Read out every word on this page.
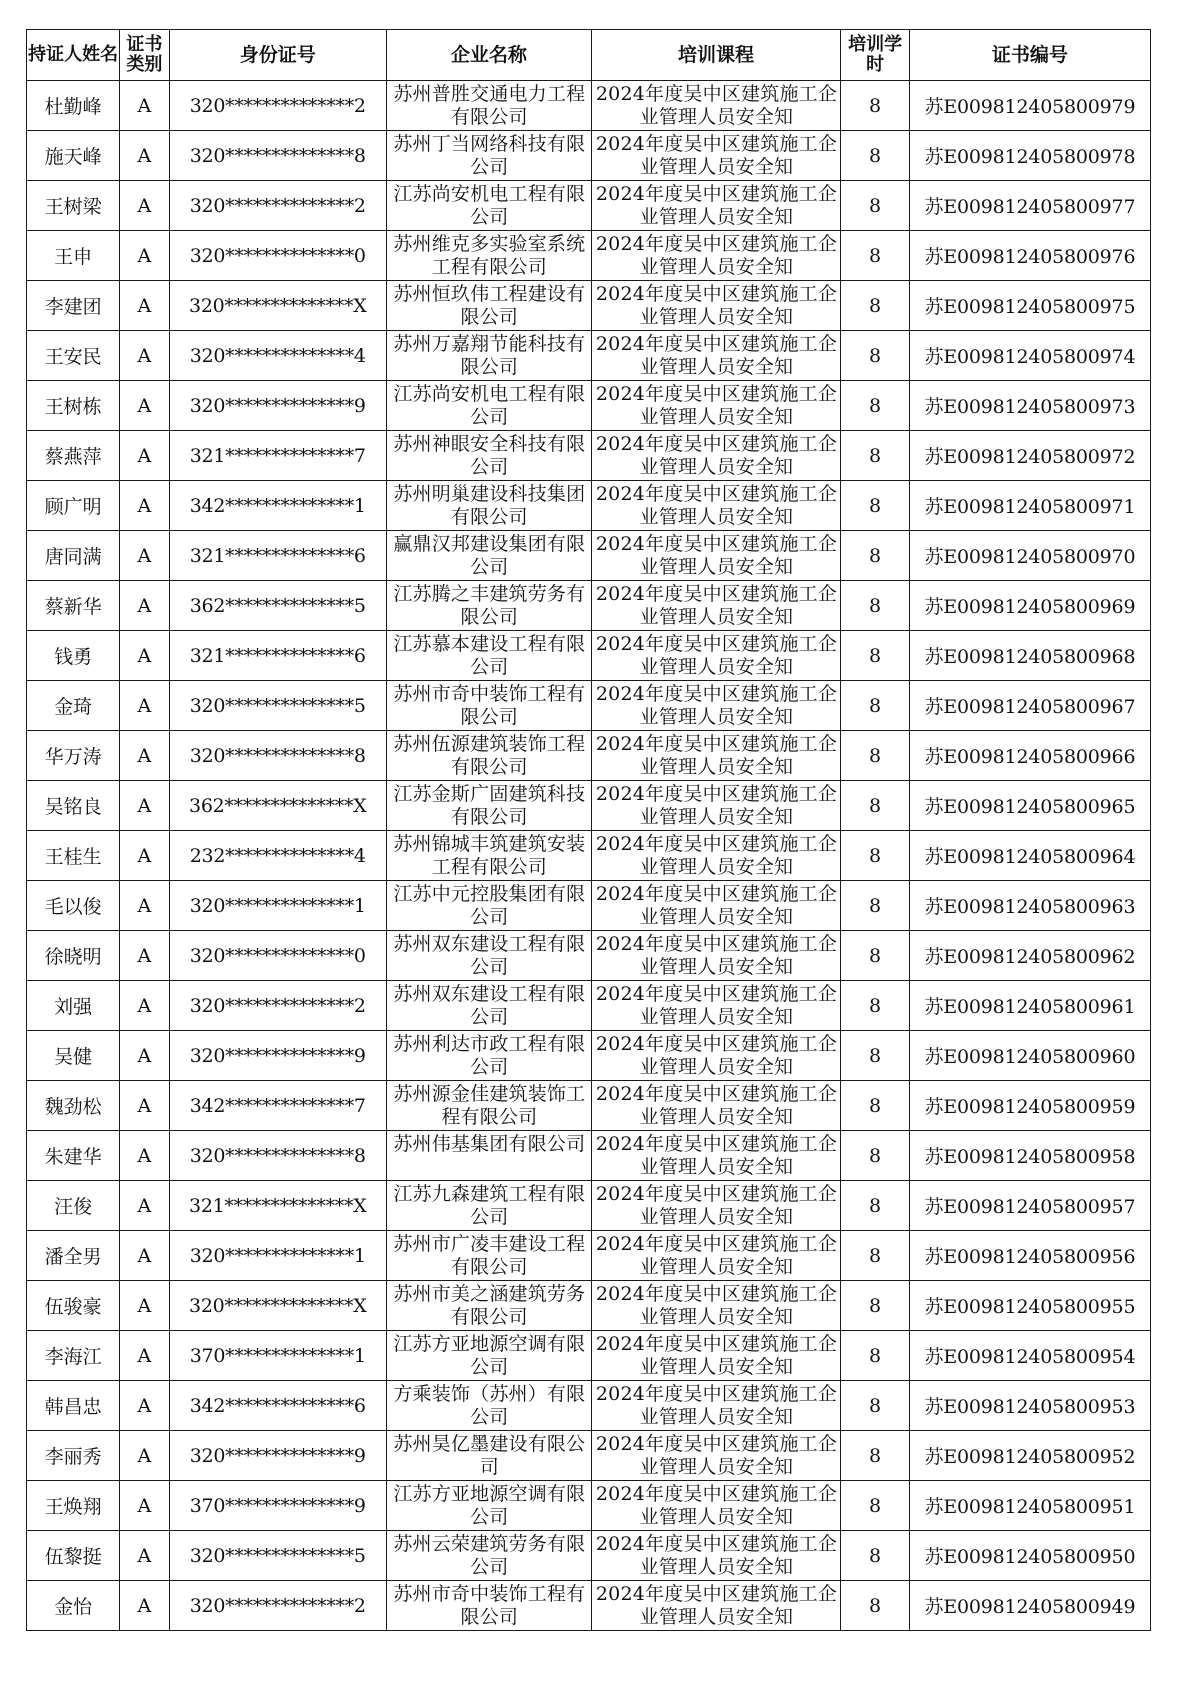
持证人姓名	证书类别	身份证号	企业名称	培训课程	培训学时	证书编号
杜勤峰	A	320**************2	苏州普胜交通电力工程有限公司	2024年度吴中区建筑施工企业管理人员安全知	8	苏E009812405800979
施天峰	A	320**************8	苏州丁当网络科技有限公司	2024年度吴中区建筑施工企业管理人员安全知	8	苏E009812405800978
王树梁	A	320**************2	江苏尚安机电工程有限公司	2024年度吴中区建筑施工企业管理人员安全知	8	苏E009812405800977
王申	A	320**************0	苏州维克多实验室系统工程有限公司	2024年度吴中区建筑施工企业管理人员安全知	8	苏E009812405800976
李建团	A	320**************X	苏州恒玖伟工程建设有限公司	2024年度吴中区建筑施工企业管理人员安全知	8	苏E009812405800975
王安民	A	320**************4	苏州万嘉翔节能科技有限公司	2024年度吴中区建筑施工企业管理人员安全知	8	苏E009812405800974
王树栋	A	320**************9	江苏尚安机电工程有限公司	2024年度吴中区建筑施工企业管理人员安全知	8	苏E009812405800973
蔡燕萍	A	321**************7	苏州神眼安全科技有限公司	2024年度吴中区建筑施工企业管理人员安全知	8	苏E009812405800972
顾广明	A	342**************1	苏州明巢建设科技集团有限公司	2024年度吴中区建筑施工企业管理人员安全知	8	苏E009812405800971
唐同满	A	321**************6	赢鼎汉邦建设集团有限公司	2024年度吴中区建筑施工企业管理人员安全知	8	苏E009812405800970
蔡新华	A	362**************5	江苏腾之丰建筑劳务有限公司	2024年度吴中区建筑施工企业管理人员安全知	8	苏E009812405800969
钱勇	A	321**************6	江苏慕本建设工程有限公司	2024年度吴中区建筑施工企业管理人员安全知	8	苏E009812405800968
金琦	A	320**************5	苏州市奇中装饰工程有限公司	2024年度吴中区建筑施工企业管理人员安全知	8	苏E009812405800967
华万涛	A	320**************8	苏州伍源建筑装饰工程有限公司	2024年度吴中区建筑施工企业管理人员安全知	8	苏E009812405800966
吴铭良	A	362**************X	江苏金斯广固建筑科技有限公司	2024年度吴中区建筑施工企业管理人员安全知	8	苏E009812405800965
王桂生	A	232**************4	苏州锦城丰筑建筑安装工程有限公司	2024年度吴中区建筑施工企业管理人员安全知	8	苏E009812405800964
毛以俊	A	320**************1	江苏中元控股集团有限公司	2024年度吴中区建筑施工企业管理人员安全知	8	苏E009812405800963
徐晓明	A	320**************0	苏州双东建设工程有限公司	2024年度吴中区建筑施工企业管理人员安全知	8	苏E009812405800962
刘强	A	320**************2	苏州双东建设工程有限公司	2024年度吴中区建筑施工企业管理人员安全知	8	苏E009812405800961
吴健	A	320**************9	苏州利达市政工程有限公司	2024年度吴中区建筑施工企业管理人员安全知	8	苏E009812405800960
魏劲松	A	342**************7	苏州源金佳建筑装饰工程有限公司	2024年度吴中区建筑施工企业管理人员安全知	8	苏E009812405800959
朱建华	A	320**************8	苏州伟基集团有限公司	2024年度吴中区建筑施工企业管理人员安全知	8	苏E009812405800958
汪俊	A	321**************X	江苏九森建筑工程有限公司	2024年度吴中区建筑施工企业管理人员安全知	8	苏E009812405800957
潘全男	A	320**************1	苏州市广凌丰建设工程有限公司	2024年度吴中区建筑施工企业管理人员安全知	8	苏E009812405800956
伍骏豪	A	320**************X	苏州市美之涵建筑劳务有限公司	2024年度吴中区建筑施工企业管理人员安全知	8	苏E009812405800955
李海江	A	370**************1	江苏方亚地源空调有限公司	2024年度吴中区建筑施工企业管理人员安全知	8	苏E009812405800954
韩昌忠	A	342**************6	方乘装饰（苏州）有限公司	2024年度吴中区建筑施工企业管理人员安全知	8	苏E009812405800953
李丽秀	A	320**************9	苏州昊亿墨建设有限公司	2024年度吴中区建筑施工企业管理人员安全知	8	苏E009812405800952
王焕翔	A	370**************9	江苏方亚地源空调有限公司	2024年度吴中区建筑施工企业管理人员安全知	8	苏E009812405800951
伍黎挺	A	320**************5	苏州云荣建筑劳务有限公司	2024年度吴中区建筑施工企业管理人员安全知	8	苏E009812405800950
金怡	A	320**************2	苏州市奇中装饰工程有限公司	2024年度吴中区建筑施工企业管理人员安全知	8	苏E009812405800949
